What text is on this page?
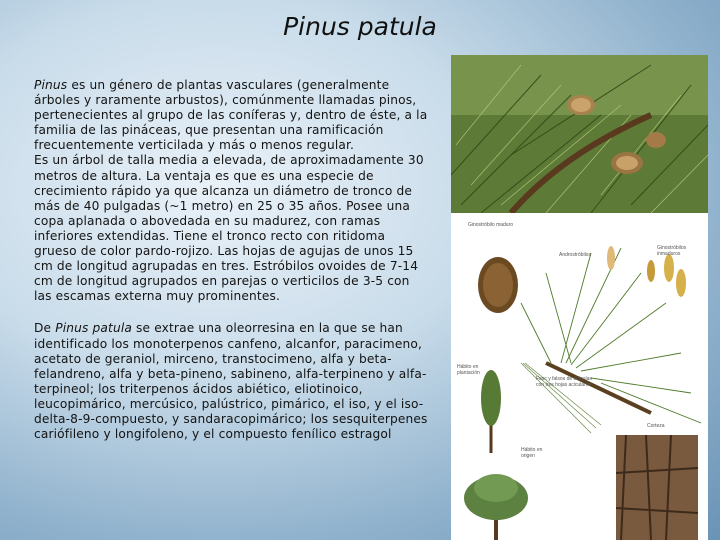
Pinus patula

Pinus es un género de plantas vasculares (generalmente árboles y raramente arbustos), comúnmente llamadas pinos, pertenecientes al grupo de las coníferas y, dentro de éste, a la familia de las pináceas, que presentan una ramificación frecuentemente verticilada y más o menos regular.

Es un árbol de talla media a elevada, de aproximadamente 30 metros de altura. La ventaja es que es una especie de crecimiento rápido ya que alcanza un diámetro de tronco de más de 40 pulgadas (~1 metro) en 25 o 35 años. Posee una copa aplanada o abovedada en su madurez, con ramas inferiores extendidas. Tiene el tronco recto con ritidoma grueso de color pardo-rojizo. Las hojas de agujas de unos 15 cm de longitud agrupadas en tres. Estróbilos ovoides de 7-14 cm de longitud agrupados en parejas o verticilos de 3-5 con las escamas externa muy prominentes.

De Pinus patula se extrae una oleorresina en la que se han identificado los monoterpenos canfeno, alcanfor, paracimeno, acetato de geraniol, mirceno, transtocimeno, alfa y beta-felandreno, alfa y beta-pineno, sabineno, alfa-terpineno y alfa-terpineol; los triterpenos ácidos abiético, eliotinoico, leucopimárico, mercúsico, palústrico, pimárico, el iso, y el iso-delta-8-9-compuesto, y sandaracopimárico; los sesquiterpenes cariófileno y longifoleno, y el compuesto fenílico estragol

Ginostróbilo maduro
Androstróbilos
Ginostróbilos inmaduros
Hábito en plantación
Fasc y falsos de acículas con tres hojas aciculares
Corteza
Hábito en origen
